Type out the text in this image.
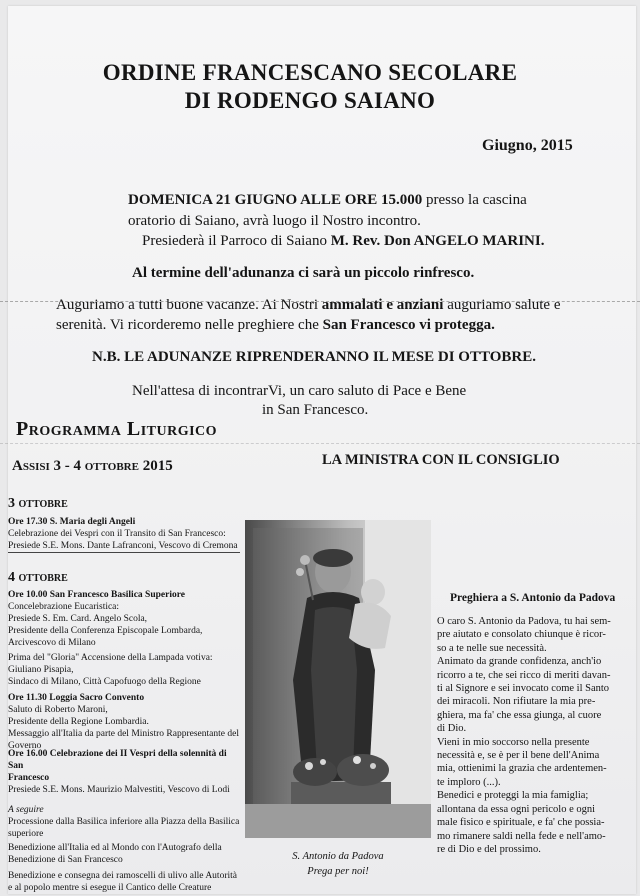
ORDINE FRANCESCANO SECOLARE
DI RODENGO SAIANO
Giugno, 2015
DOMENICA 21 GIUGNO ALLE ORE 15.000 presso la cascina
oratorio di Saiano, avrà luogo il Nostro incontro.
Presiederà il Parroco di Saiano M. Rev. Don ANGELO MARINI.
Al termine dell'adunanza ci sarà un piccolo rinfresco.
Auguriamo a tutti buone vacanze. Ai Nostri ammalati e anziani auguriamo salute e
serenità. Vi ricorderemo nelle preghiere che San Francesco vi protegga.
N.B. LE ADUNANZE RIPRENDERANNO IL MESE DI OTTOBRE.
Nell'attesa di incontrarVi, un caro saluto di Pace e Bene
in San Francesco.
Programma Liturgico
Assisi 3 - 4 ottobre 2015	LA MINISTRA CON IL CONSIGLIO
3 ottobre
Ore 17.30 S. Maria degli Angeli
Celebrazione dei Vespri con il Transito di San Francesco:
Presiede S.E. Mons. Dante Lafranconi, Vescovo di Cremona
4 ottobre
Ore 10.00 San Francesco Basilica Superiore
Concelebrazione Eucaristica:
Presiede S. Em. Card. Angelo Scola,
Presidente della Conferenza Episcopale Lombarda,
Arcivescovo di Milano
Prima del "Gloria" Accensione della Lampada votiva:
Giuliano Pisapia,
Sindaco di Milano, Città Capofuogo della Regione
Ore 11.30 Loggia Sacro Convento
Saluto di Roberto Maroni,
Presidente della Regione Lombardia.
Messaggio all'Italia da parte del Ministro Rappresentante del
Governo
Ore 16.00 Celebrazione dei II Vespri della solennità di San
Francesco
Presiede S.E. Mons. Maurizio Malvestiti, Vescovo di Lodi
A seguire
Processione dalla Basilica inferiore alla Piazza della Basilica
superiore
Benedizione all'Italia ed al Mondo con l'Autografo della
Benedizione di San Francesco
Benedizione e consegna dei ramoscelli di ulivo alle Autorità
e al popolo mentre si esegue il Cantico delle Creature
S. Antonio da Padova
Prega per noi!
Preghiera a S. Antonio da Padova
O caro S. Antonio da Padova, tu hai sem-
pre aiutato e consolato chiunque è ricor-
so a te nelle sue necessità.
Animato da grande confidenza, anch'io
ricorro a te, che sei ricco di meriti davan-
ti al Signore e sei invocato come il Santo
dei miracoli. Non rifiutare la mia pre-
ghiera, ma fa' che essa giunga, al cuore
di Dio.
Vieni in mio soccorso nella presente
necessità e, se è per il bene dell'Anima
mia, ottienimi la grazia che ardentemen-
te imploro (...).
Benedici e proteggi la mia famiglia;
allontana da essa ogni pericolo e ogni
male fisico e spirituale, e fa' che possia-
mo rimanere saldi nella fede e nell'amo-
re di Dio e del prossimo.
